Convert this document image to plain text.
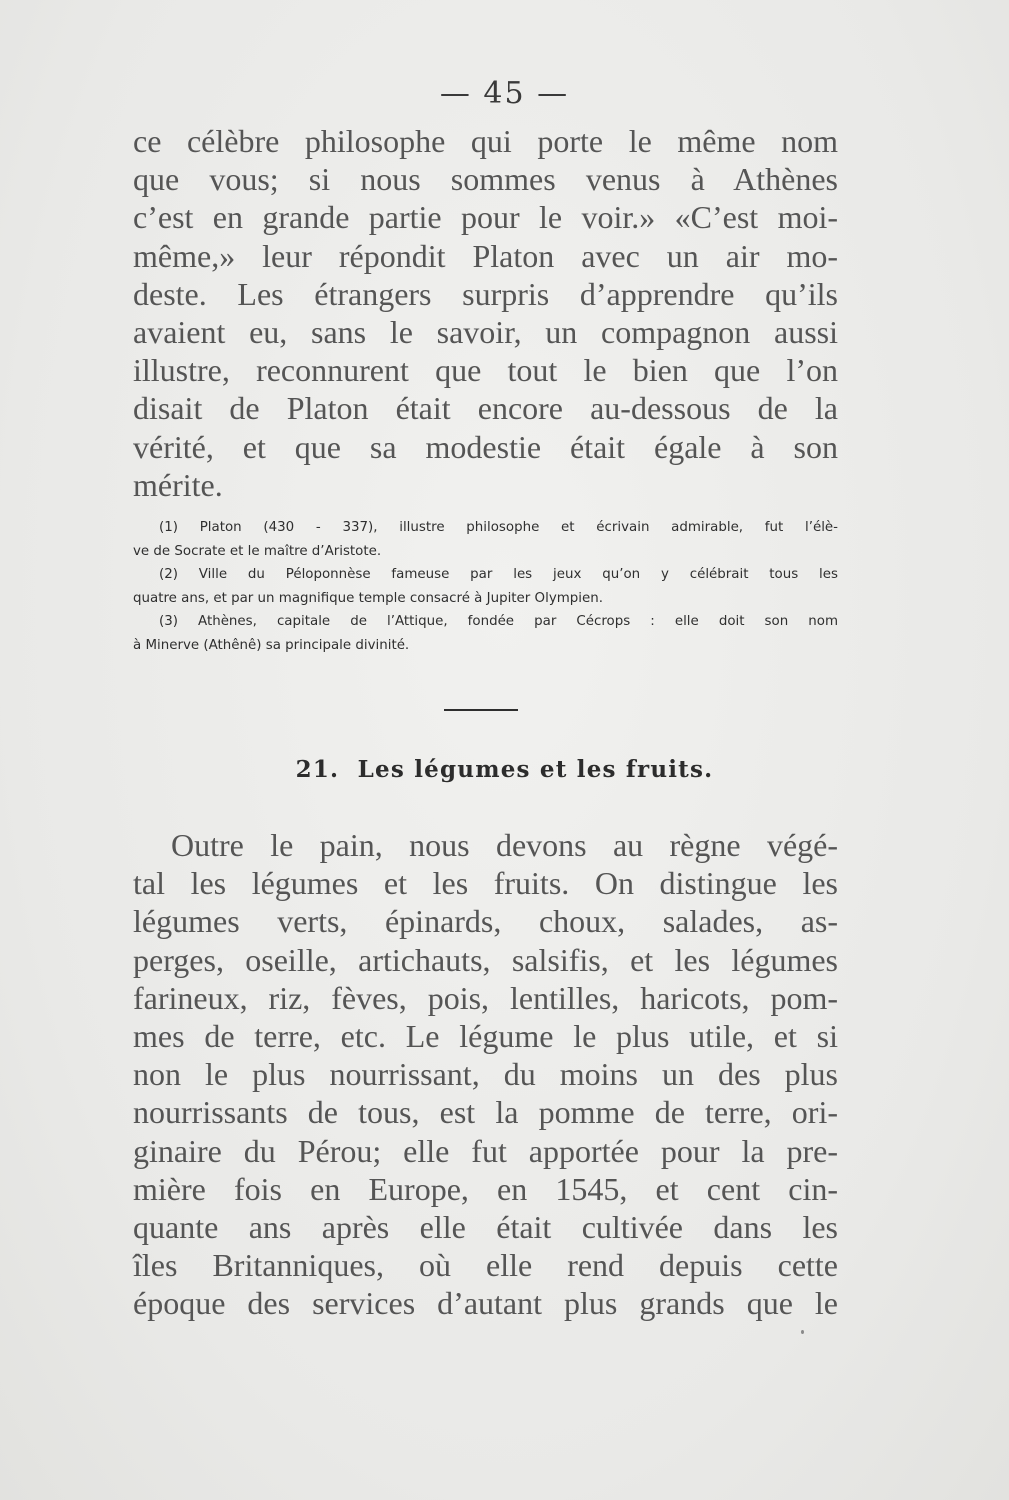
— 45 —
ce célèbre philosophe qui porte le même nom
que vous; si nous sommes venus à Athènes
c’est en grande partie pour le voir.» «C’est moi-
même,» leur répondit Platon avec un air mo-
deste. Les étrangers surpris d’apprendre qu’ils
avaient eu, sans le savoir, un compagnon aussi
illustre, reconnurent que tout le bien que l’on
disait de Platon était encore au-dessous de la
vérité, et que sa modestie était égale à son
mérite.
(1) Platon (430 - 337), illustre philosophe et écrivain admirable, fut l’élè-
ve de Socrate et le maître d’Aristote.
(2) Ville du Péloponnèse fameuse par les jeux qu’on y célébrait tous les
quatre ans, et par un magnifique temple consacré à Jupiter Olympien.
(3) Athènes, capitale de l’Attique, fondée par Cécrops : elle doit son nom
à Minerve (Athênê) sa principale divinité.
21.  Les légumes et les fruits.
Outre le pain, nous devons au règne végé-
tal les légumes et les fruits. On distingue les
légumes verts, épinards, choux, salades, as-
perges, oseille, artichauts, salsifis, et les légumes
farineux, riz, fèves, pois, lentilles, haricots, pom-
mes de terre, etc. Le légume le plus utile, et si
non le plus nourrissant, du moins un des plus
nourrissants de tous, est la pomme de terre, ori-
ginaire du Pérou; elle fut apportée pour la pre-
mière fois en Europe, en 1545, et cent cin-
quante ans après elle était cultivée dans les
îles Britanniques, où elle rend depuis cette
époque des services d’autant plus grands que le
